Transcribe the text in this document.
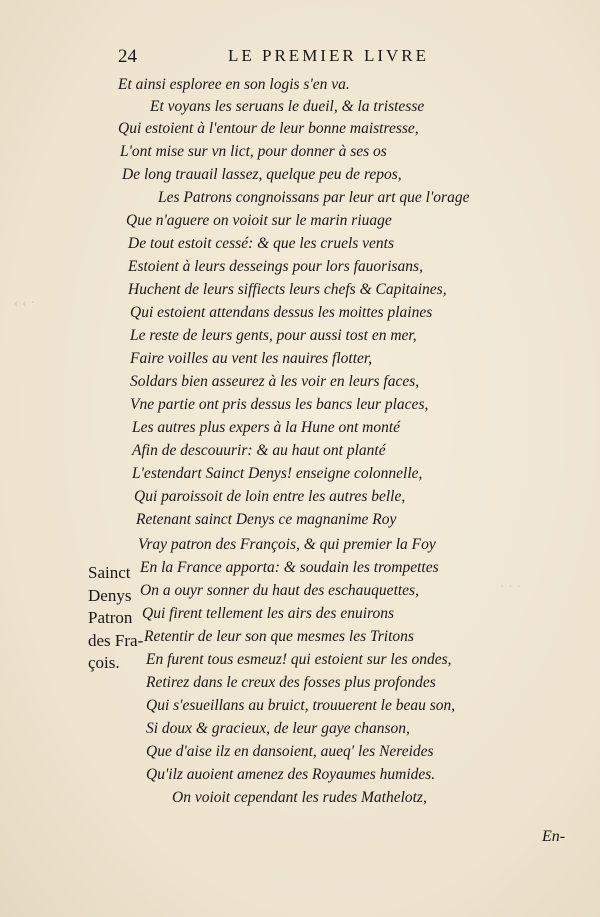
‹ ‹ ·
· · ·
24	LE PREMIER LIVRE
Et ainsi esploree en son logis s'en va.
Et voyans les seruans le dueil, & la tristesse
Qui estoient à l'entour de leur bonne maistresse,
L'ont mise sur vn lict, pour donner à ses os
De long trauail lassez, quelque peu de repos,
Les Patrons congnoissans par leur art que l'orage
Que n'aguere on voioit sur le marin riuage
De tout estoit cessé: & que les cruels vents
Estoient à leurs desseings pour lors fauorisans,
Huchent de leurs siffiects leurs chefs & Capitaines,
Qui estoient attendans dessus les moittes plaines
Le reste de leurs gents, pour aussi tost en mer,
Faire voilles au vent les nauires flotter,
Soldars bien asseurez à les voir en leurs faces,
Vne partie ont pris dessus les bancs leur places,
Les autres plus expers à la Hune ont monté
Afin de descouurir: & au haut ont planté
L'estendart Sainct Denys! enseigne colonnelle,
Qui paroissoit de loin entre les autres belle,
Retenant sainct Denys ce magnanime Roy
Vray patron des François, & qui premier la Foy
En la France apporta: & soudain les trompettes
On a ouyr sonner du haut des eschauquettes,
Qui firent tellement les airs des enuirons
Retentir de leur son que mesmes les Tritons
En furent tous esmeuz! qui estoient sur les ondes,
Retirez dans le creux des fosses plus profondes
Qui s'esueillans au bruict, trouuerent le beau son,
Si doux & gracieux, de leur gaye chanson,
Que d'aise ilz en dansoient, aueq' les Nereides
Qu'ilz auoient amenez des Royaumes humides.
On voioit cependant les rudes Mathelotz,
Sainct
Denys
Patron
des Fra-
çois.
En-
